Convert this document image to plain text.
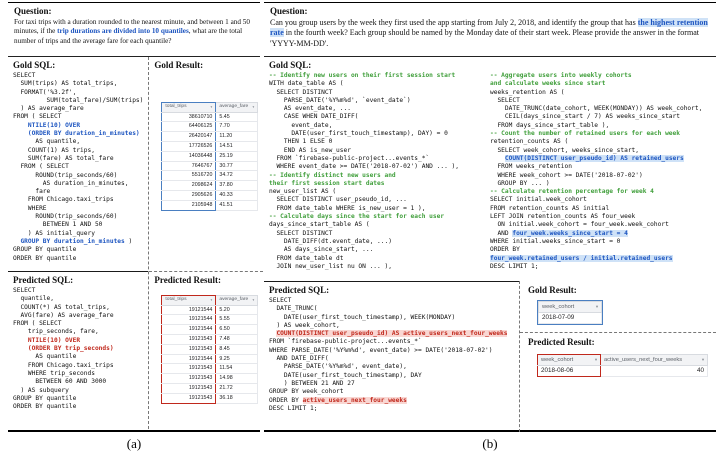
Question:
For taxi trips with a duration rounded to the nearest minute, and between 1 and 50 minutes, if the trip durations are divided into 10 quantiles, what are the total number of trips and the average fare for each quantile?
Gold SQL:
SELECT
SUM(trips) AS total_trips,
FORMAT('%3.2f',
SUM(total_fare)/SUM(trips)
) AS average_fare
FROM ( SELECT
NTILE(10) OVER
(ORDER BY duration_in_minutes)
AS quantile,
COUNT(1) AS trips,
SUM(fare) AS total_fare
FROM ( SELECT
ROUND(trip_seconds/60)
AS duration_in_minutes,
fare
FROM Chicago.taxi_trips
WHERE
ROUND(trip_seconds/60)
BETWEEN 1 AND 50
) AS initial_query
GROUP BY duration_in_minutes )
GROUP BY quantile
ORDER BY quantile
Predicted SQL:
SELECT
quantile,
COUNT(*) AS total_trips,
AVG(fare) AS average_fare
FROM ( SELECT
trip_seconds, fare,
NTILE(10) OVER
(ORDER BY trip_seconds)
AS quantile
FROM Chicago.taxi_trips
WHERE trip_seconds
BETWEEN 60 AND 3000
) AS subquery
GROUP BY quantile
ORDER BY quantile
Gold Result:
total_trips ▾	average_fare ▾

38610710	5.45
64406125	7.70
26420147	11.20
17726526	14.51
14036448	25.19
7646767	30.77
5516720	34.72
2098624	37.80
2905626	40.33
2105948	41.51
Predicted Result:
total_trips ▾	average_fare ▾

19121544	5.20
19121544	5.55
19121544	6.50
19121543	7.48
19121543	8.45
19121544	9.25
19121543	11.54
19121543	14.98
19121543	21.72
19121543	36.18
(a)
Question:
Can you group users by the week they first used the app starting from July 2, 2018, and identify the group that has the highest retention rate in the fourth week? Each group should be named by the Monday date of their start week. Please provide the answer in the format 'YYYY-MM-DD'.
Gold SQL:
-- Identify new users on their first session start
WITH date_table AS (
SELECT DISTINCT
PARSE_DATE('%Y%m%d', `event_date`)
AS event_date, ...
CASE WHEN DATE_DIFF(
event_date,
DATE(user_first_touch_timestamp), DAY) = 0
THEN 1 ELSE 0
END AS is_new_user
FROM `firebase-public-project...events_*`
WHERE event_date >= DATE('2018-07-02') AND ... ),
-- Identify distinct new users and
their first session start dates
new_user_list AS (
SELECT DISTINCT user_pseudo_id, ...
FROM date_table WHERE is_new_user = 1 ),
-- Calculate days since the start for each user
days_since_start_table AS (
SELECT DISTINCT
DATE_DIFF(dt.event_date, ...)
AS days_since_start, ...
FROM date_table dt
JOIN new_user_list nu ON ... ),
-- Aggregate users into weekly cohorts
and calculate weeks since start
weeks_retention AS (
SELECT
DATE_TRUNC(date_cohort, WEEK(MONDAY)) AS week_cohort,
CEIL(days_since_start / 7) AS weeks_since_start
FROM days_since_start_table ),
-- Count the number of retained users for each week
retention_counts AS (
SELECT week_cohort, weeks_since_start,
COUNT(DISTINCT user_pseudo_id) AS retained_users
FROM weeks_retention
WHERE week_cohort >= DATE('2018-07-02')
GROUP BY ... )
-- Calculate retention percentage for week 4
SELECT initial.week_cohort
FROM retention_counts AS initial
LEFT JOIN retention_counts AS four_week
ON initial.week_cohort = four_week.week_cohort
AND four_week.weeks_since_start = 4
WHERE initial.weeks_since_start = 0
ORDER BY
four_week.retained_users / initial.retained_users
DESC LIMIT 1;
Predicted SQL:
SELECT
DATE_TRUNC(
DATE(user_first_touch_timestamp), WEEK(MONDAY)
) AS week_cohort,
COUNT(DISTINCT user_pseudo_id) AS active_users_next_four_weeks
FROM `firebase-public-project...events_*`
WHERE PARSE_DATE('%Y%m%d', event_date) >= DATE('2018-07-02')
AND DATE_DIFF(
PARSE_DATE('%Y%m%d', event_date),
DATE(user_first_touch_timestamp), DAY
) BETWEEN 21 AND 27
GROUP BY week_cohort
ORDER BY active_users_next_four_weeks
DESC LIMIT 1;
Gold Result:
week_cohort	▾

2018-07-09
Predicted Result:
week_cohort ▾	active_users_next_four_weeks ▾

2018-08-06	40
(b)
